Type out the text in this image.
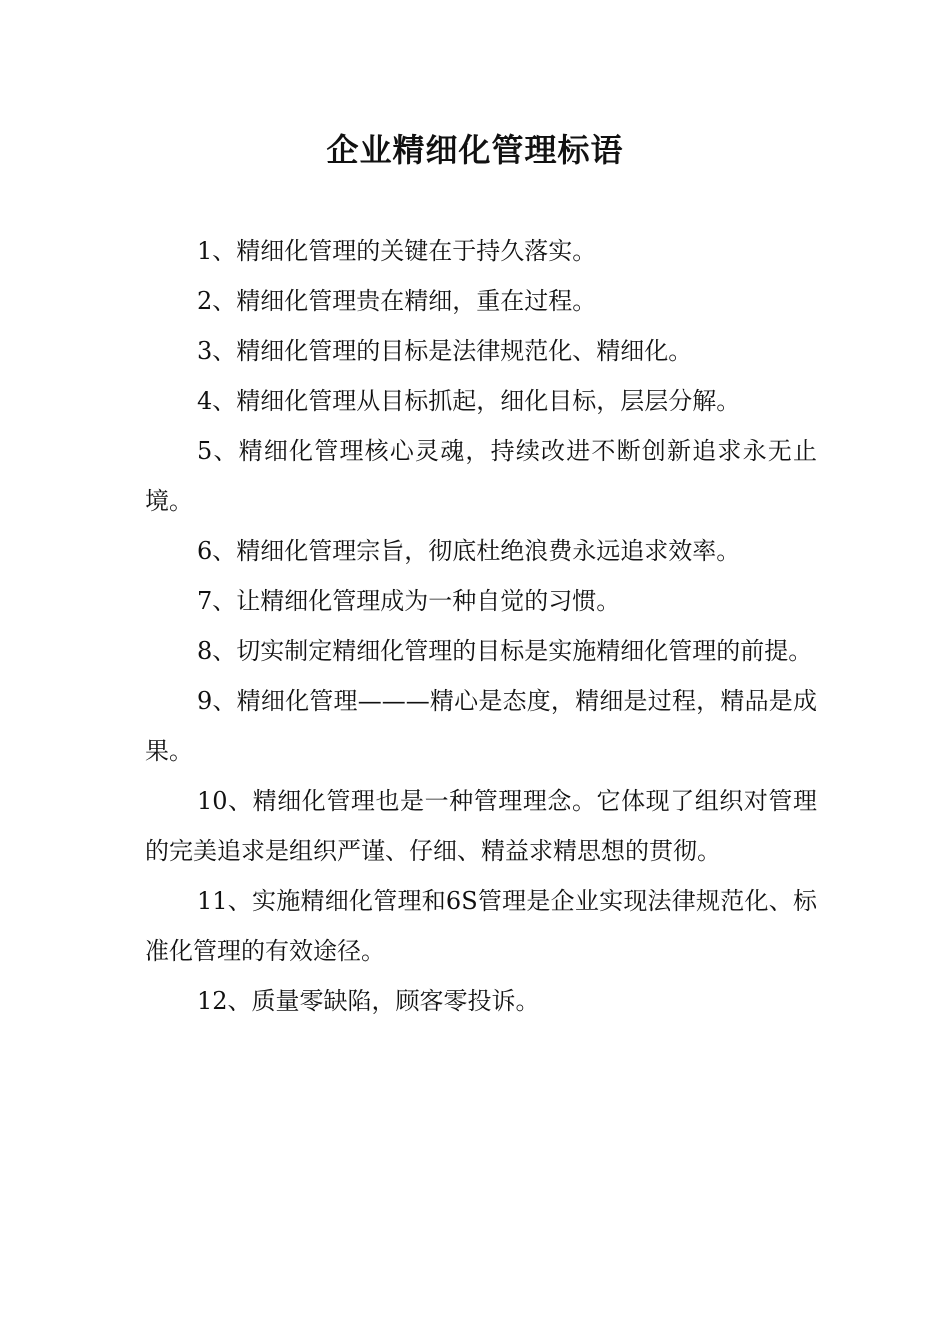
企业精细化管理标语

1、精细化管理的关键在于持久落实。

2、精细化管理贵在精细，重在过程。

3、精细化管理的目标是法律规范化、精细化。

4、精细化管理从目标抓起，细化目标，层层分解。

5、精细化管理核心灵魂，持续改进不断创新追求永无止境。

6、精细化管理宗旨，彻底杜绝浪费永远追求效率。

7、让精细化管理成为一种自觉的习惯。

8、切实制定精细化管理的目标是实施精细化管理的前提。

9、精细化管理———精心是态度，精细是过程，精品是成果。

10、精细化管理也是一种管理理念。它体现了组织对管理的完美追求是组织严谨、仔细、精益求精思想的贯彻。

11、实施精细化管理和6S管理是企业实现法律规范化、标准化管理的有效途径。

12、质量零缺陷，顾客零投诉。
